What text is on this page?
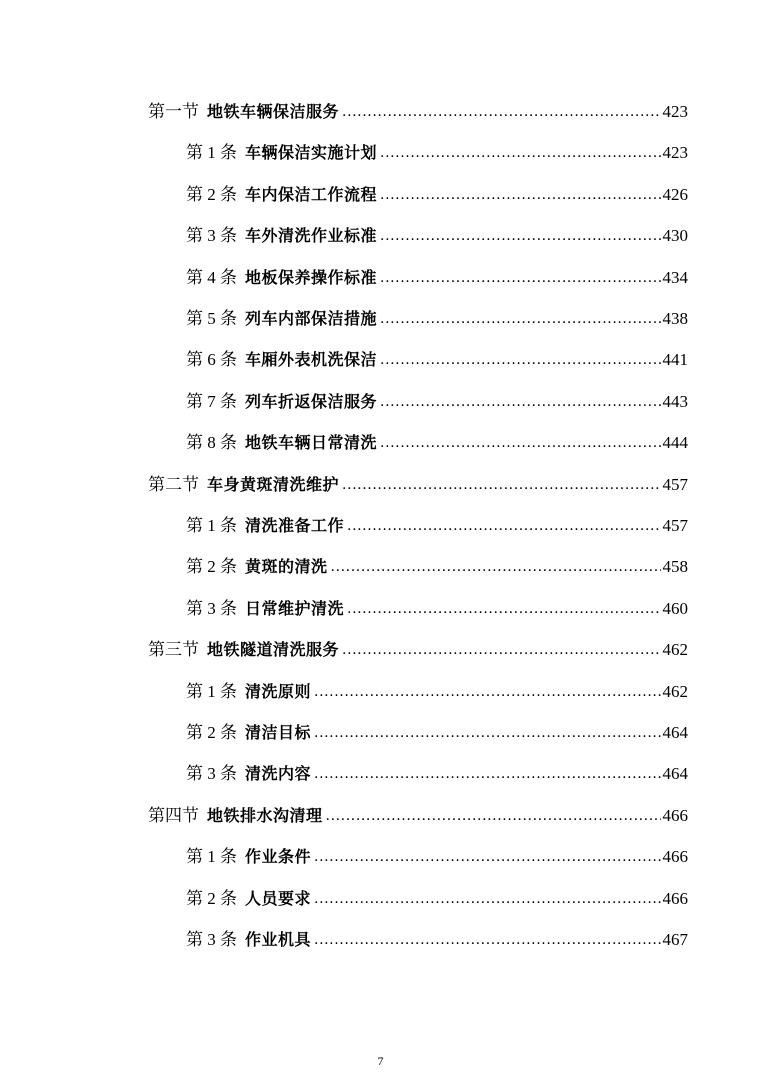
第一节 地铁车辆保洁服务 .....	423
第 1 条 车辆保洁实施计划 .....	423
第 2 条 车内保洁工作流程 .....	426
第 3 条 车外清洗作业标准 .....	430
第 4 条 地板保养操作标准 .....	434
第 5 条 列车内部保洁措施 .....	438
第 6 条 车厢外表机洗保洁 .....	441
第 7 条 列车折返保洁服务 .....	443
第 8 条 地铁车辆日常清洗 .....	444
第二节 车身黄斑清洗维护 .....	457
第 1 条 清洗准备工作 .....	457
第 2 条 黄斑的清洗 .....	458
第 3 条 日常维护清洗 .....	460
第三节 地铁隧道清洗服务 .....	462
第 1 条 清洗原则 .....	462
第 2 条 清洁目标 .....	464
第 3 条 清洗内容 .....	464
第四节 地铁排水沟清理 .....	466
第 1 条 作业条件 .....	466
第 2 条 人员要求 .....	466
第 3 条 作业机具 .....	467
7
